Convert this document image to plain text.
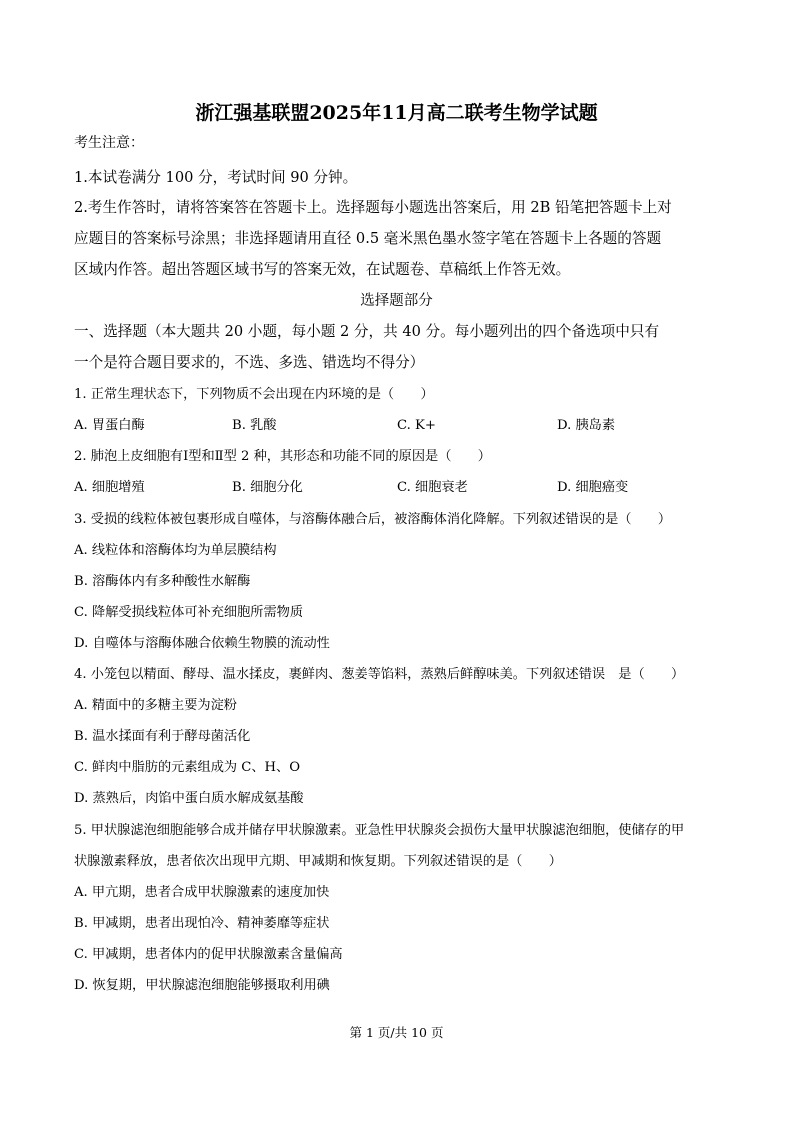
浙江强基联盟2025年11月高二联考生物学试题
考生注意：
1.本试卷满分 100 分，考试时间 90 分钟。
2.考生作答时，请将答案答在答题卡上。选择题每小题选出答案后，用 2B 铅笔把答题卡上对
应题目的答案标号涂黑；非选择题请用直径 0.5 毫米黑色墨水签字笔在答题卡上各题的答题
区域内作答。超出答题区域书写的答案无效，在试题卷、草稿纸上作答无效。
选择题部分
一、选择题（本大题共 20 小题，每小题 2 分，共 40 分。每小题列出的四个备选项中只有
一个是符合题目要求的，不选、多选、错选均不得分）
1. 正常生理状态下，下列物质不会出现在内环境的是（　　）
A. 胃蛋白酶	B. 乳酸	C. K+	D. 胰岛素
2. 肺泡上皮细胞有Ⅰ型和Ⅱ型 2 种，其形态和功能不同的原因是（　　）
A. 细胞增殖	B. 细胞分化	C. 细胞衰老	D. 细胞癌变
3. 受损的线粒体被包裹形成自噬体，与溶酶体融合后，被溶酶体消化降解。下列叙述错误的是（　　）
A. 线粒体和溶酶体均为单层膜结构
B. 溶酶体内有多种酸性水解酶
C. 降解受损线粒体可补充细胞所需物质
D. 自噬体与溶酶体融合依赖生物膜的流动性
4. 小笼包以精面、酵母、温水揉皮，裹鲜肉、葱姜等馅料，蒸熟后鲜醇味美。下列叙述错误　是（　　）
A. 精面中的多糖主要为淀粉
B. 温水揉面有利于酵母菌活化
C. 鲜肉中脂肪的元素组成为 C、H、O
D. 蒸熟后，肉馅中蛋白质水解成氨基酸
5. 甲状腺滤泡细胞能够合成并储存甲状腺激素。亚急性甲状腺炎会损伤大量甲状腺滤泡细胞，使储存的甲
状腺激素释放，患者依次出现甲亢期、甲减期和恢复期。下列叙述错误的是（　　）
A. 甲亢期，患者合成甲状腺激素的速度加快
B. 甲减期，患者出现怕冷、精神萎靡等症状
C. 甲减期，患者体内的促甲状腺激素含量偏高
D. 恢复期，甲状腺滤泡细胞能够摄取利用碘
第 1 页/共 10 页
